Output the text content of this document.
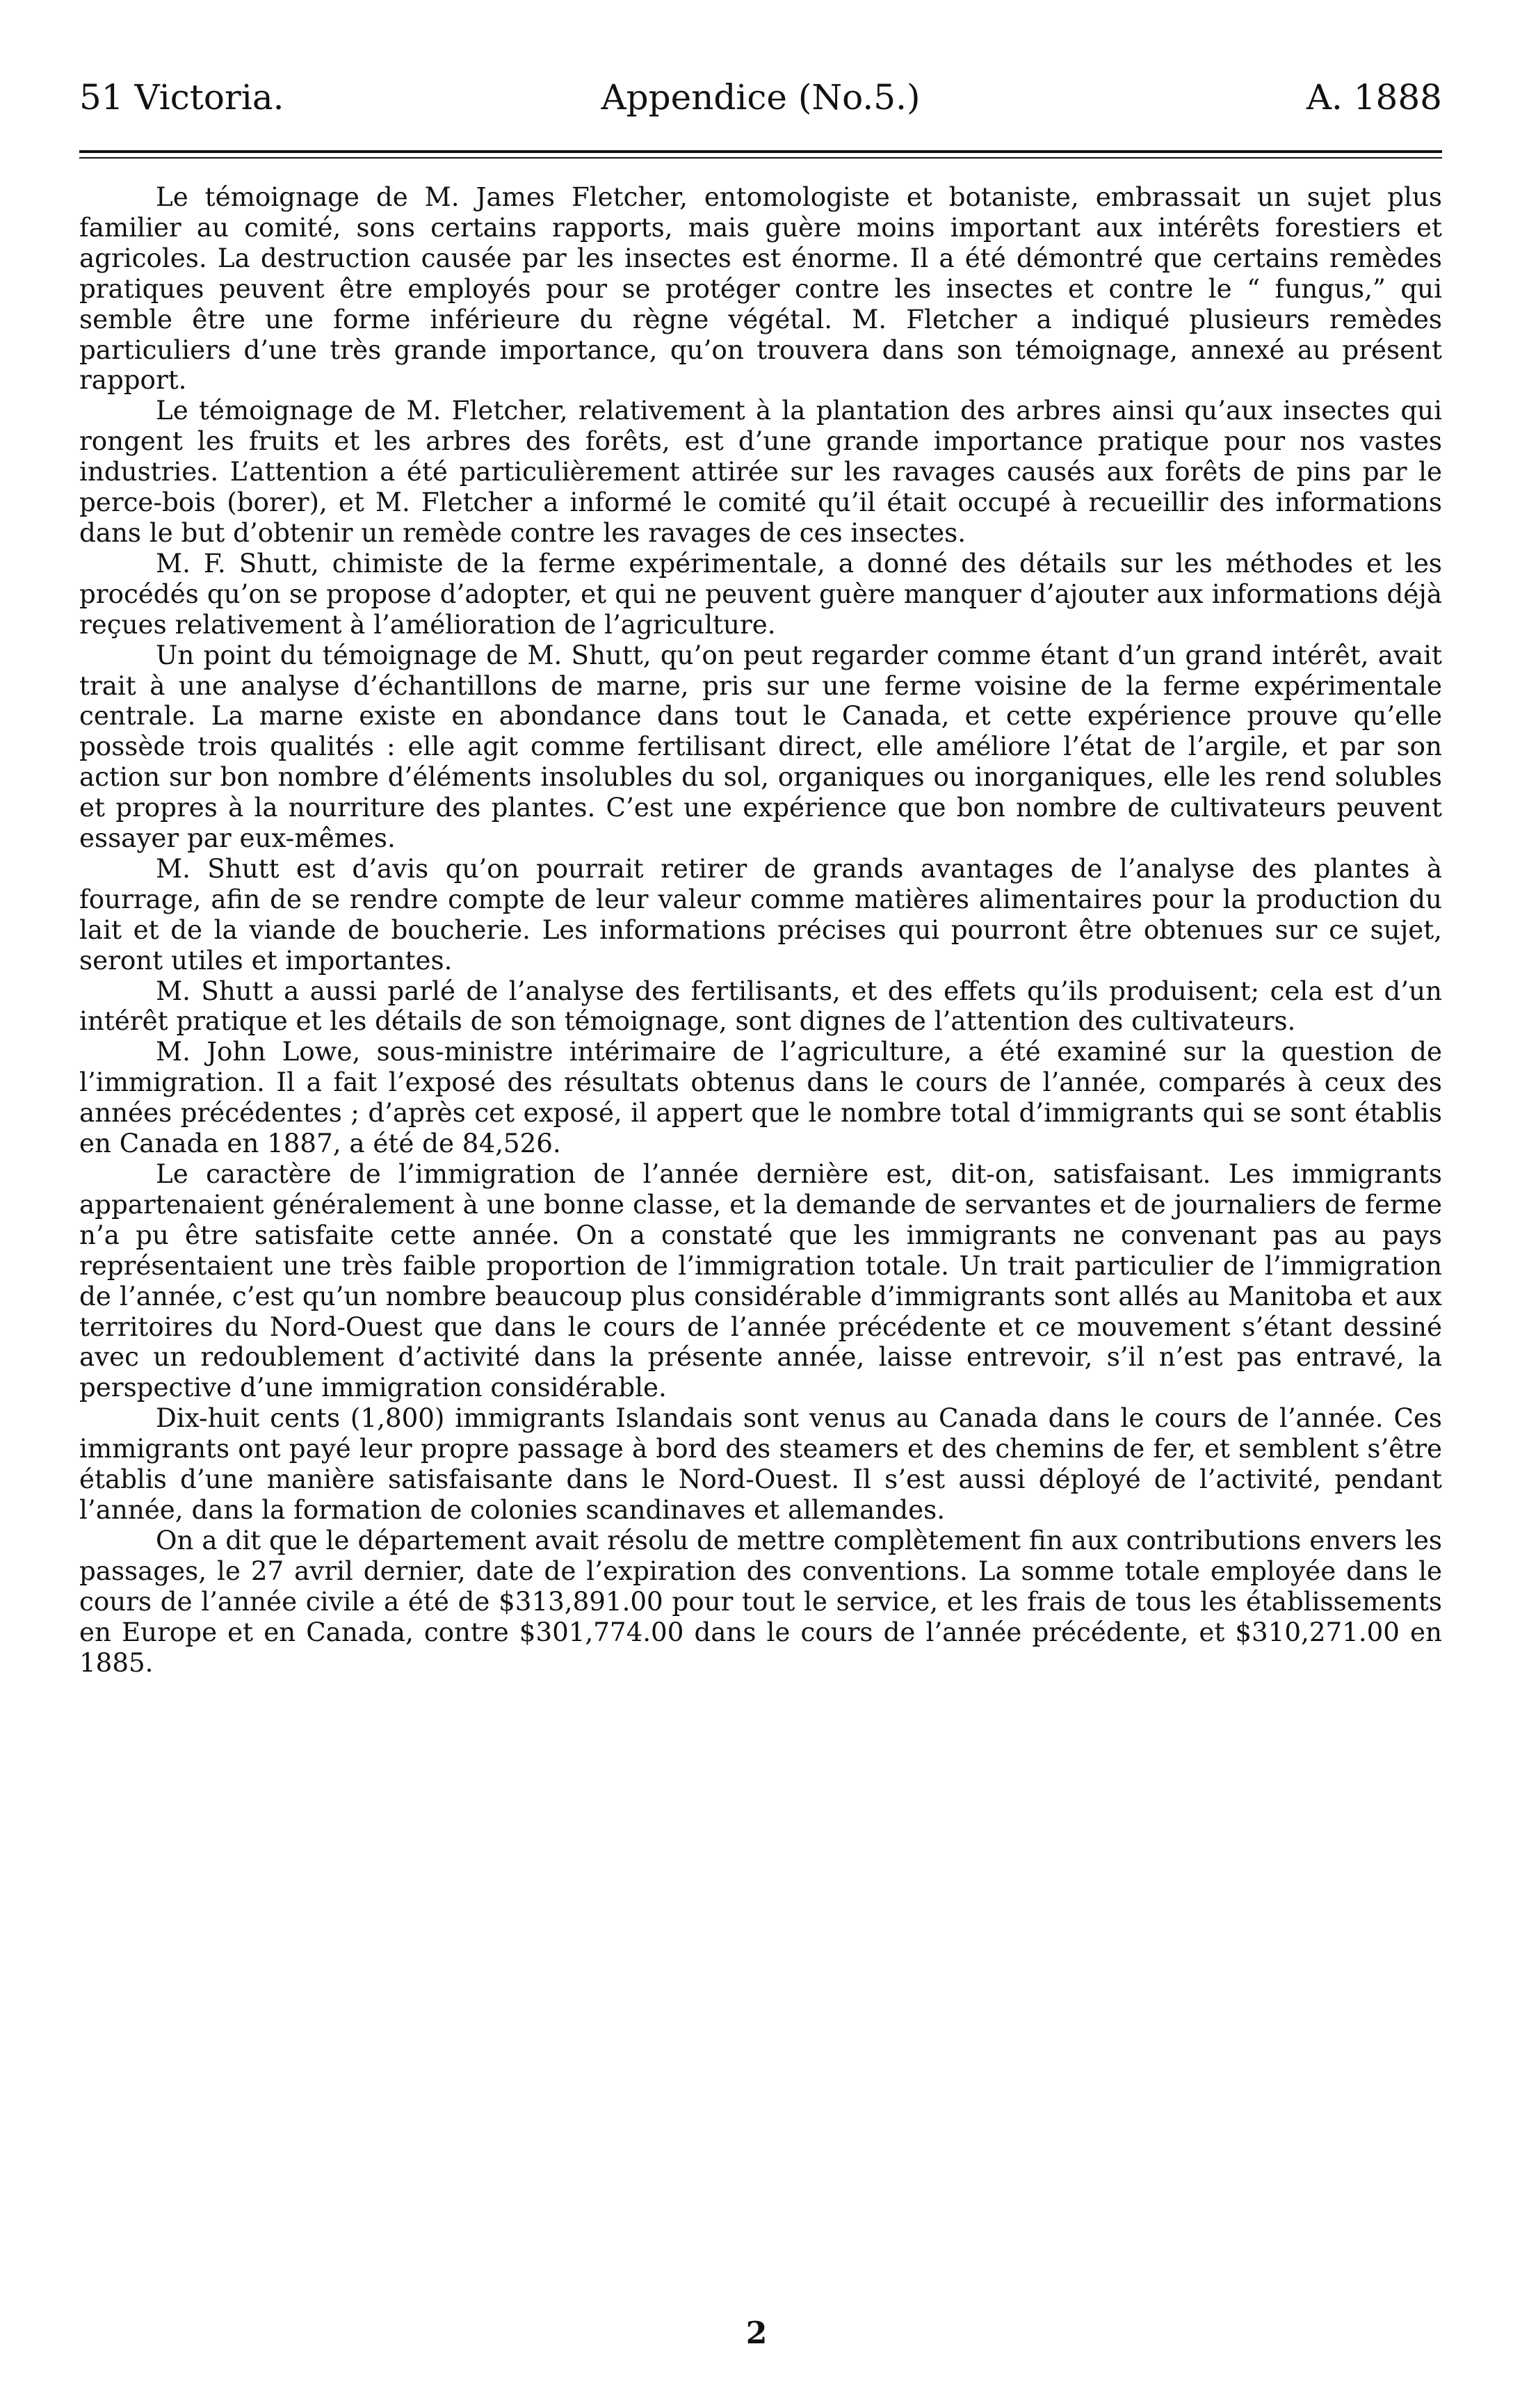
51 Victoria.	Appendice (No.5.)	A. 1888

Le témoignage de M. James Fletcher, entomologiste et botaniste, embrassait un sujet plus familier au comité, sons certains rapports, mais guère moins important aux intérêts forestiers et agricoles. La destruction causée par les insectes est énorme. Il a été démontré que certains remèdes pratiques peuvent être employés pour se protéger contre les insectes et contre le “ fungus,” qui semble être une forme inférieure du règne végétal. M. Fletcher a indiqué plusieurs remèdes particuliers d’une très grande importance, qu’on trouvera dans son témoignage, annexé au présent rapport.

Le témoignage de M. Fletcher, relativement à la plantation des arbres ainsi qu’aux insectes qui rongent les fruits et les arbres des forêts, est d’une grande importance pratique pour nos vastes industries. L’attention a été particulièrement attirée sur les ravages causés aux forêts de pins par le perce-bois (borer), et M. Fletcher a informé le comité qu’il était occupé à recueillir des informations dans le but d’obtenir un remède contre les ravages de ces insectes.

M. F. Shutt, chimiste de la ferme expérimentale, a donné des détails sur les méthodes et les procédés qu’on se propose d’adopter, et qui ne peuvent guère manquer d’ajouter aux informations déjà reçues relativement à l’amélioration de l’agriculture.

Un point du témoignage de M. Shutt, qu’on peut regarder comme étant d’un grand intérêt, avait trait à une analyse d’échantillons de marne, pris sur une ferme voisine de la ferme expérimentale centrale. La marne existe en abondance dans tout le Canada, et cette expérience prouve qu’elle possède trois qualités : elle agit comme fertilisant direct, elle améliore l’état de l’argile, et par son action sur bon nombre d’éléments insolubles du sol, organiques ou inorganiques, elle les rend solubles et propres à la nourriture des plantes. C’est une expérience que bon nombre de cultivateurs peuvent essayer par eux-mêmes.

M. Shutt est d’avis qu’on pourrait retirer de grands avantages de l’analyse des plantes à fourrage, afin de se rendre compte de leur valeur comme matières alimentaires pour la production du lait et de la viande de boucherie. Les informations précises qui pourront être obtenues sur ce sujet, seront utiles et importantes.

M. Shutt a aussi parlé de l’analyse des fertilisants, et des effets qu’ils produisent; cela est d’un intérêt pratique et les détails de son témoignage, sont dignes de l’attention des cultivateurs.

M. John Lowe, sous-ministre intérimaire de l’agriculture, a été examiné sur la question de l’immigration. Il a fait l’exposé des résultats obtenus dans le cours de l’année, comparés à ceux des années précédentes ; d’après cet exposé, il appert que le nombre total d’immigrants qui se sont établis en Canada en 1887, a été de 84,526.

Le caractère de l’immigration de l’année dernière est, dit-on, satisfaisant. Les immigrants appartenaient généralement à une bonne classe, et la demande de servantes et de journaliers de ferme n’a pu être satisfaite cette année. On a constaté que les immigrants ne convenant pas au pays représentaient une très faible proportion de l’immigration totale. Un trait particulier de l’immigration de l’année, c’est qu’un nombre beaucoup plus considérable d’immigrants sont allés au Manitoba et aux territoires du Nord-Ouest que dans le cours de l’année précédente et ce mouvement s’étant dessiné avec un redoublement d’activité dans la présente année, laisse entrevoir, s’il n’est pas entravé, la perspective d’une immigration considérable.

Dix-huit cents (1,800) immigrants Islandais sont venus au Canada dans le cours de l’année. Ces immigrants ont payé leur propre passage à bord des steamers et des chemins de fer, et semblent s’être établis d’une manière satisfaisante dans le Nord-Ouest. Il s’est aussi déployé de l’activité, pendant l’année, dans la formation de colonies scandinaves et allemandes.

On a dit que le département avait résolu de mettre complètement fin aux contributions envers les passages, le 27 avril dernier, date de l’expiration des conventions. La somme totale employée dans le cours de l’année civile a été de $313,891.00 pour tout le service, et les frais de tous les établissements en Europe et en Canada, contre $301,774.00 dans le cours de l’année précédente, et $310,271.00 en 1885.

2
